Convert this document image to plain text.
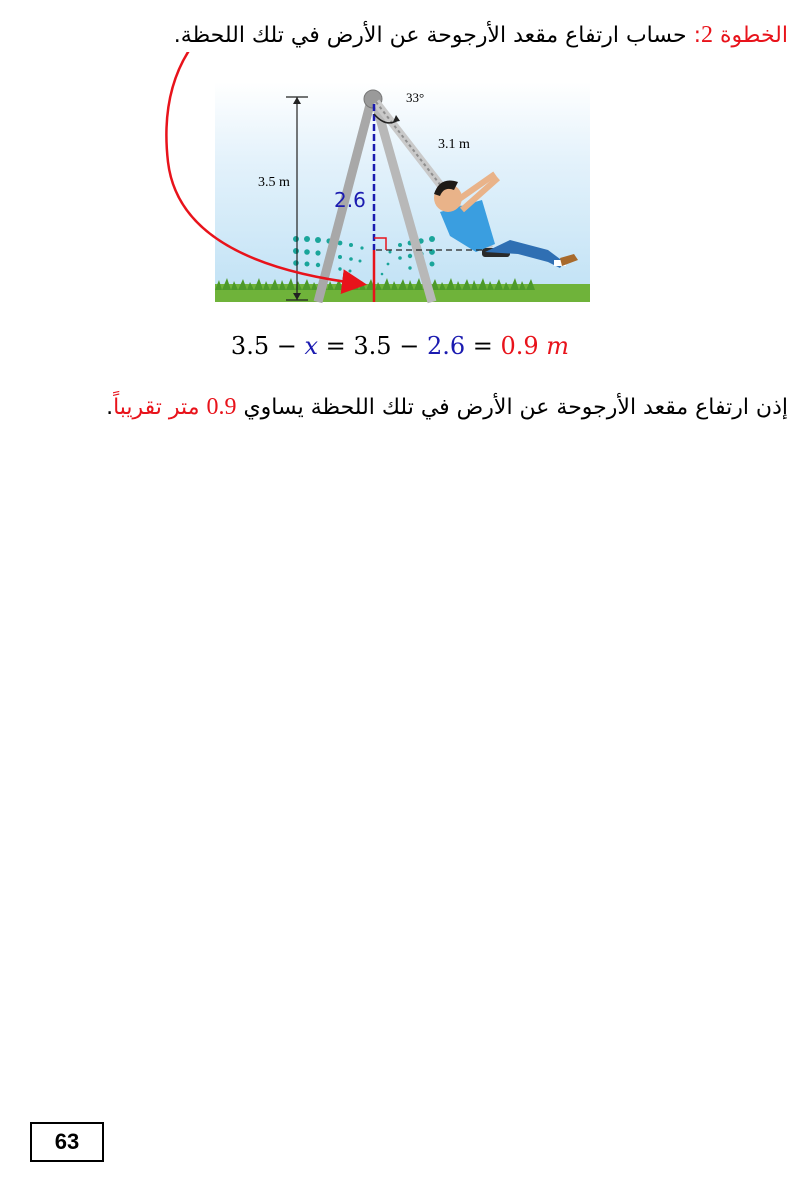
الخطوة 2: حساب ارتفاع مقعد الأرجوحة عن الأرض في تلك اللحظة.
3.5 m
3.1 m
33°
2.6
3.5 − x = 3.5 − 2.6 = 0.9 m
إذن ارتفاع مقعد الأرجوحة عن الأرض في تلك اللحظة يساوي 0.9 متر تقريباً.
63
